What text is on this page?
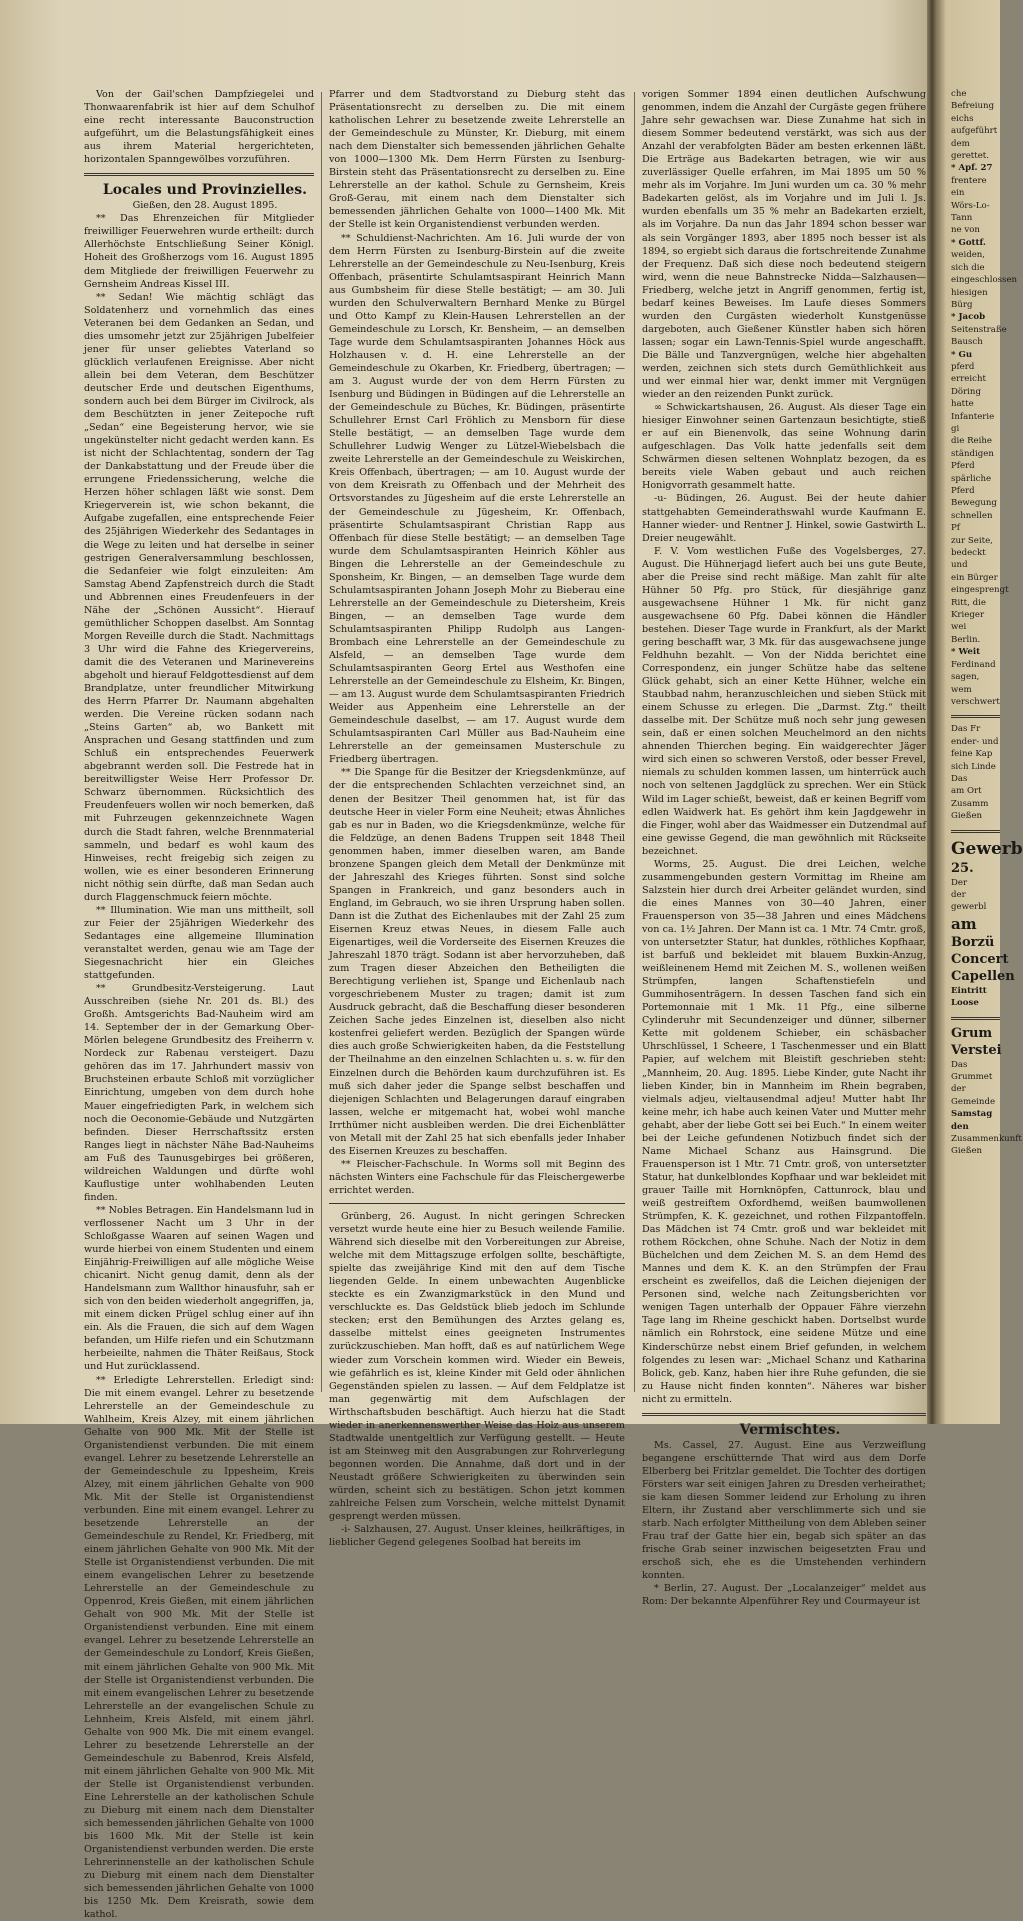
Von der Gail'schen Dampfziegelei und Thonwaarenfabrik ist hier auf dem Schulhof eine recht interessante Bauconstruction aufgeführt, um die Belastungsfähigkeit eines aus ihrem Material hergerichteten, horizontalen Spanngewölbes vorzuführen.

Locales und Provinzielles.

Gießen, den 28. August 1895.

** Das Ehrenzeichen für Mitglieder freiwilliger Feuerwehren wurde ertheilt: durch Allerhöchste Entschließung Seiner Königl. Hoheit des Großherzogs vom 16. August 1895 dem Mitgliede der freiwilligen Feuerwehr zu Gernsheim Andreas Kissel III.

** Sedan! Wie mächtig schlägt das Soldatenherz und vornehmlich das eines Veteranen bei dem Gedanken an Sedan, und dies umsomehr jetzt zur 25jährigen Jubelfeier jener für unser geliebtes Vaterland so glücklich verlaufenen Ereignisse. Aber nicht allein bei dem Veteran, dem Beschützer deutscher Erde und deutschen Eigenthums, sondern auch bei dem Bürger im Civilrock, als dem Beschützten in jener Zeitepoche ruft „Sedan“ eine Begeisterung hervor, wie sie ungekünstelter nicht gedacht werden kann. Es ist nicht der Schlachtentag, sondern der Tag der Dankabstattung und der Freude über die errungene Friedenssicherung, welche die Herzen höher schlagen läßt wie sonst. Dem Kriegerverein ist, wie schon bekannt, die Aufgabe zugefallen, eine entsprechende Feier des 25jährigen Wiederkehr des Sedantages in die Wege zu leiten und hat derselbe in seiner gestrigen Generalversammlung beschlossen, die Sedanfeier wie folgt einzuleiten: Am Samstag Abend Zapfenstreich durch die Stadt und Abbrennen eines Freudenfeuers in der Nähe der „Schönen Aussicht“. Hierauf gemüthlicher Schoppen daselbst. Am Sonntag Morgen Reveille durch die Stadt. Nachmittags 3 Uhr wird die Fahne des Kriegervereins, damit die des Veteranen und Marinevereins abgeholt und hierauf Feldgottesdienst auf dem Brandplatze, unter freundlicher Mitwirkung des Herrn Pfarrer Dr. Naumann abgehalten werden. Die Vereine rücken sodann nach „Steins Garten“ ab, wo Bankett mit Ansprachen und Gesang stattfinden und zum Schluß ein entsprechendes Feuerwerk abgebrannt werden soll. Die Festrede hat in bereitwilligster Weise Herr Professor Dr. Schwarz übernommen. Rücksichtlich des Freudenfeuers wollen wir noch bemerken, daß mit Fuhrzeugen gekennzeichnete Wagen durch die Stadt fahren, welche Brennmaterial sammeln, und bedarf es wohl kaum des Hinweises, recht freigebig sich zeigen zu wollen, wie es einer besonderen Erinnerung nicht nöthig sein dürfte, daß man Sedan auch durch Flaggenschmuck feiern möchte.

** Illumination. Wie man uns mittheilt, soll zur Feier der 25jährigen Wiederkehr des Sedantages eine allgemeine Illumination veranstaltet werden, genau wie am Tage der Siegesnachricht hier ein Gleiches stattgefunden.

** Grundbesitz-Versteigerung. Laut Ausschreiben (siehe Nr. 201 ds. Bl.) des Großh. Amtsgerichts Bad-Nauheim wird am 14. September der in der Gemarkung Ober-Mörlen belegene Grundbesitz des Freiherrn v. Nordeck zur Rabenau versteigert. Dazu gehören das im 17. Jahrhundert massiv von Bruchsteinen erbaute Schloß mit vorzüglicher Einrichtung, umgeben von dem durch hohe Mauer eingefriedigten Park, in welchem sich noch die Oeconomie-Gebäude und Nutzgärten befinden. Dieser Herrschaftssitz ersten Ranges liegt in nächster Nähe Bad-Nauheims am Fuß des Taunusgebirges bei größeren, wildreichen Waldungen und dürfte wohl Kauflustige unter wohlhabenden Leuten finden.

** Nobles Betragen. Ein Handelsmann lud in verflossener Nacht um 3 Uhr in der Schloßgasse Waaren auf seinen Wagen und wurde hierbei von einem Studenten und einem Einjährig-Freiwilligen auf alle mögliche Weise chicanirt. Nicht genug damit, denn als der Handelsmann zum Wallthor hinausfuhr, sah er sich von den beiden wiederholt angegriffen, ja, mit einem dicken Prügel schlug einer auf ihn ein. Als die Frauen, die sich auf dem Wagen befanden, um Hilfe riefen und ein Schutzmann herbeieilte, nahmen die Thäter Reißaus, Stock und Hut zurücklassend.

** Erledigte Lehrerstellen. Erledigt sind: Die mit einem evangel. Lehrer zu besetzende Lehrerstelle an der Gemeindeschule zu Wahlheim, Kreis Alzey, mit einem jährlichen Gehalte von 900 Mk. Mit der Stelle ist Organistendienst verbunden. Die mit einem evangel. Lehrer zu besetzende Lehrerstelle an der Gemeindeschule zu Ippesheim, Kreis Alzey, mit einem jährlichen Gehalte von 900 Mk. Mit der Stelle ist Organistendienst verbunden. Eine mit einem evangel. Lehrer zu besetzende Lehrerstelle an der Gemeindeschule zu Rendel, Kr. Friedberg, mit einem jährlichen Gehalte von 900 Mk. Mit der Stelle ist Organistendienst verbunden. Die mit einem evangelischen Lehrer zu besetzende Lehrerstelle an der Gemeindeschule zu Oppenrod, Kreis Gießen, mit einem jährlichen Gehalt von 900 Mk. Mit der Stelle ist Organistendienst verbunden. Eine mit einem evangel. Lehrer zu besetzende Lehrerstelle an der Gemeindeschule zu Londorf, Kreis Gießen, mit einem jährlichen Gehalte von 900 Mk. Mit der Stelle ist Organistendienst verbunden. Die mit einem evangelischen Lehrer zu besetzende Lehrerstelle an der evangelischen Schule zu Lehnheim, Kreis Alsfeld, mit einem jährl. Gehalte von 900 Mk. Die mit einem evangel. Lehrer zu besetzende Lehrerstelle an der Gemeindeschule zu Babenrod, Kreis Alsfeld, mit einem jährlichen Gehalte von 900 Mk. Mit der Stelle ist Organistendienst verbunden. Eine Lehrerstelle an der katholischen Schule zu Dieburg mit einem nach dem Dienstalter sich bemessenden jährlichen Gehalte von 1000 bis 1600 Mk. Mit der Stelle ist kein Organistendienst verbunden werden. Die erste Lehrerinnenstelle an der katholischen Schule zu Dieburg mit einem nach dem Dienstalter sich bemessenden jährlichen Gehalte von 1000 bis 1250 Mk. Dem Kreisrath, sowie dem kathol.

Pfarrer und dem Stadtvorstand zu Dieburg steht das Präsentationsrecht zu derselben zu. Die mit einem katholischen Lehrer zu besetzende zweite Lehrerstelle an der Gemeindeschule zu Münster, Kr. Dieburg, mit einem nach dem Dienstalter sich bemessenden jährlichen Gehalte von 1000—1300 Mk. Dem Herrn Fürsten zu Isenburg-Birstein steht das Präsentationsrecht zu derselben zu. Eine Lehrerstelle an der kathol. Schule zu Gernsheim, Kreis Groß-Gerau, mit einem nach dem Dienstalter sich bemessenden jährlichen Gehalte von 1000—1400 Mk. Mit der Stelle ist kein Organistendienst verbunden werden.

** Schuldienst-Nachrichten. Am 16. Juli wurde der von dem Herrn Fürsten zu Isenburg-Birstein auf die zweite Lehrerstelle an der Gemeindeschule zu Neu-Isenburg, Kreis Offenbach, präsentirte Schulamtsaspirant Heinrich Mann aus Gumbsheim für diese Stelle bestätigt; — am 30. Juli wurden den Schulverwaltern Bernhard Menke zu Bürgel und Otto Kampf zu Klein-Hausen Lehrerstellen an der Gemeindeschule zu Lorsch, Kr. Bensheim, — an demselben Tage wurde dem Schulamtsaspiranten Johannes Höck aus Holzhausen v. d. H. eine Lehrerstelle an der Gemeindeschule zu Okarben, Kr. Friedberg, übertragen; — am 3. August wurde der von dem Herrn Fürsten zu Isenburg und Büdingen in Büdingen auf die Lehrerstelle an der Gemeindeschule zu Büches, Kr. Büdingen, präsentirte Schullehrer Ernst Carl Fröhlich zu Mensborn für diese Stelle bestätigt, — an demselben Tage wurde dem Schullehrer Ludwig Wenger zu Lützel-Wiebelsbach die zweite Lehrerstelle an der Gemeindeschule zu Weiskirchen, Kreis Offenbach, übertragen; — am 10. August wurde der von dem Kreisrath zu Offenbach und der Mehrheit des Ortsvorstandes zu Jügesheim auf die erste Lehrerstelle an der Gemeindeschule zu Jügesheim, Kr. Offenbach, präsentirte Schulamtsaspirant Christian Rapp aus Offenbach für diese Stelle bestätigt; — an demselben Tage wurde dem Schulamtsaspiranten Heinrich Köhler aus Bingen die Lehrerstelle an der Gemeindeschule zu Sponsheim, Kr. Bingen, — an demselben Tage wurde dem Schulamtsaspiranten Johann Joseph Mohr zu Bieberau eine Lehrerstelle an der Gemeindeschule zu Dietersheim, Kreis Bingen, — an demselben Tage wurde dem Schulamtsaspiranten Philipp Rudolph aus Langen-Brombach eine Lehrerstelle an der Gemeindeschule zu Alsfeld, — an demselben Tage wurde dem Schulamtsaspiranten Georg Ertel aus Westhofen eine Lehrerstelle an der Gemeindeschule zu Elsheim, Kr. Bingen, — am 13. August wurde dem Schulamtsaspiranten Friedrich Weider aus Appenheim eine Lehrerstelle an der Gemeindeschule daselbst, — am 17. August wurde dem Schulamtsaspiranten Carl Müller aus Bad-Nauheim eine Lehrerstelle an der gemeinsamen Musterschule zu Friedberg übertragen.

** Die Spange für die Besitzer der Kriegsdenkmünze, auf der die entsprechenden Schlachten verzeichnet sind, an denen der Besitzer Theil genommen hat, ist für das deutsche Heer in vieler Form eine Neuheit; etwas Ähnliches gab es nur in Baden, wo die Kriegsdenkmünze, welche für die Feldzüge, an denen Badens Truppen seit 1848 Theil genommen haben, immer dieselben waren, am Bande bronzene Spangen gleich dem Metall der Denkmünze mit der Jahreszahl des Krieges führten. Sonst sind solche Spangen in Frankreich, und ganz besonders auch in England, im Gebrauch, wo sie ihren Ursprung haben sollen. Dann ist die Zuthat des Eichenlaubes mit der Zahl 25 zum Eisernen Kreuz etwas Neues, in diesem Falle auch Eigenartiges, weil die Vorderseite des Eisernen Kreuzes die Jahreszahl 1870 trägt. Sodann ist aber hervorzuheben, daß zum Tragen dieser Abzeichen den Betheiligten die Berechtigung verliehen ist, Spange und Eichenlaub nach vorgeschriebenem Muster zu tragen; damit ist zum Ausdruck gebracht, daß die Beschaffung dieser besonderen Zeichen Sache jedes Einzelnen ist, dieselben also nicht kostenfrei geliefert werden. Bezüglich der Spangen würde dies auch große Schwierigkeiten haben, da die Feststellung der Theilnahme an den einzelnen Schlachten u. s. w. für den Einzelnen durch die Behörden kaum durchzuführen ist. Es muß sich daher jeder die Spange selbst beschaffen und diejenigen Schlachten und Belagerungen darauf eingraben lassen, welche er mitgemacht hat, wobei wohl manche Irrthümer nicht ausbleiben werden. Die drei Eichenblätter von Metall mit der Zahl 25 hat sich ebenfalls jeder Inhaber des Eisernen Kreuzes zu beschaffen.

** Fleischer-Fachschule. In Worms soll mit Beginn des nächsten Winters eine Fachschule für das Fleischergewerbe errichtet werden.

Grünberg, 26. August. In nicht geringen Schrecken versetzt wurde heute eine hier zu Besuch weilende Familie. Während sich dieselbe mit den Vorbereitungen zur Abreise, welche mit dem Mittagszuge erfolgen sollte, beschäftigte, spielte das zweijährige Kind mit den auf dem Tische liegenden Gelde. In einem unbewachten Augenblicke steckte es ein Zwanzigmarkstück in den Mund und verschluckte es. Das Geldstück blieb jedoch im Schlunde stecken; erst den Bemühungen des Arztes gelang es, dasselbe mittelst eines geeigneten Instrumentes zurückzuschieben. Man hofft, daß es auf natürlichem Wege wieder zum Vorschein kommen wird. Wieder ein Beweis, wie gefährlich es ist, kleine Kinder mit Geld oder ähnlichen Gegenständen spielen zu lassen. — Auf dem Feldplatze ist man gegenwärtig mit dem Aufschlagen der Wirthschaftsbuden beschäftigt. Auch hierzu hat die Stadt wieder in anerkennenswerther Weise das Holz aus unserem Stadtwalde unentgeltlich zur Verfügung gestellt. — Heute ist am Steinweg mit den Ausgrabungen zur Rohrverlegung begonnen worden. Die Annahme, daß dort und in der Neustadt größere Schwierigkeiten zu überwinden sein würden, scheint sich zu bestätigen. Schon jetzt kommen zahlreiche Felsen zum Vorschein, welche mittelst Dynamit gesprengt werden müssen.

-i- Salzhausen, 27. August. Unser kleines, heilkräftiges, in lieblicher Gegend gelegenes Soolbad hat bereits im

vorigen Sommer 1894 einen deutlichen Aufschwung genommen, indem die Anzahl der Curgäste gegen frühere Jahre sehr gewachsen war. Diese Zunahme hat sich in diesem Sommer bedeutend verstärkt, was sich aus der Anzahl der verabfolgten Bäder am besten erkennen läßt. Die Erträge aus Badekarten betragen, wie wir aus zuverlässiger Quelle erfahren, im Mai 1895 um 50 % mehr als im Vorjahre. Im Juni wurden um ca. 30 % mehr Badekarten gelöst, als im Vorjahre und im Juli l. Js. wurden ebenfalls um 35 % mehr an Badekarten erzielt, als im Vorjahre. Da nun das Jahr 1894 schon besser war als sein Vorgänger 1893, aber 1895 noch besser ist als 1894, so ergiebt sich daraus die fortschreitende Zunahme der Frequenz. Daß sich diese noch bedeutend steigern wird, wenn die neue Bahnstrecke Nidda—Salzhausen—Friedberg, welche jetzt in Angriff genommen, fertig ist, bedarf keines Beweises. Im Laufe dieses Sommers wurden den Curgästen wiederholt Kunstgenüsse dargeboten, auch Gießener Künstler haben sich hören lassen; sogar ein Lawn-Tennis-Spiel wurde angeschafft. Die Bälle und Tanzvergnügen, welche hier abgehalten werden, zeichnen sich stets durch Gemüthlichkeit aus und wer einmal hier war, denkt immer mit Vergnügen wieder an den reizenden Punkt zurück.

∞ Schwickartshausen, 26. August. Als dieser Tage ein hiesiger Einwohner seinen Gartenzaun besichtigte, stieß er auf ein Bienenvolk, das seine Wohnung darin aufgeschlagen. Das Volk hatte jedenfalls seit dem Schwärmen diesen seltenen Wohnplatz bezogen, da es bereits viele Waben gebaut und auch reichen Honigvorrath gesammelt hatte.

-u- Büdingen, 26. August. Bei der heute dahier stattgehabten Gemeinderathswahl wurde Kaufmann E. Hanner wieder- und Rentner J. Hinkel, sowie Gastwirth L. Dreier neugewählt.

F. V. Vom westlichen Fuße des Vogelsberges, 27. August. Die Hühnerjagd liefert auch bei uns gute Beute, aber die Preise sind recht mäßige. Man zahlt für alte Hühner 50 Pfg. pro Stück, für diesjährige ganz ausgewachsene Hühner 1 Mk. für nicht ganz ausgewachsene 60 Pfg. Dabei können die Händler bestehen. Dieser Tage wurde in Frankfurt, als der Markt gering beschafft war, 3 Mk. für das ausgewachsene junge Feldhuhn bezahlt. — Von der Nidda berichtet eine Correspondenz, ein junger Schütze habe das seltene Glück gehabt, sich an einer Kette Hühner, welche ein Staubbad nahm, heranzuschleichen und sieben Stück mit einem Schusse zu erlegen. Die „Darmst. Ztg.“ theilt dasselbe mit. Der Schütze muß noch sehr jung gewesen sein, daß er einen solchen Meuchelmord an den nichts ahnenden Thierchen beging. Ein waidgerechter Jäger wird sich einen so schweren Verstoß, oder besser Frevel, niemals zu schulden kommen lassen, um hinterrück auch noch von seltenen Jagdglück zu sprechen. Wer ein Stück Wild im Lager schießt, beweist, daß er keinen Begriff vom edlen Waidwerk hat. Es gehört ihm kein Jagdgewehr in die Finger, wohl aber das Waidmesser ein Dutzendmal auf eine gewisse Gegend, die man gewöhnlich mit Rückseite bezeichnet.

Worms, 25. August. Die drei Leichen, welche zusammengebunden gestern Vormittag im Rheine am Salzstein hier durch drei Arbeiter geländet wurden, sind die eines Mannes von 30—40 Jahren, einer Frauensperson von 35—38 Jahren und eines Mädchens von ca. 1½ Jahren. Der Mann ist ca. 1 Mtr. 74 Cmtr. groß, von untersetzter Statur, hat dunkles, röthliches Kopfhaar, ist barfuß und bekleidet mit blauem Buxkin-Anzug, weißleinenem Hemd mit Zeichen M. S., wollenen weißen Strümpfen, langen Schaftenstiefeln und Gummihosenträgern. In dessen Taschen fand sich ein Portemonnaie mit 1 Mk. 11 Pfg., eine silberne Cylinderuhr mit Secundenzeiger und dünner, silberner Kette mit goldenem Schieber, ein schäsbacher Uhrschlüssel, 1 Scheere, 1 Taschenmesser und ein Blatt Papier, auf welchem mit Bleistift geschrieben steht: „Mannheim, 20. Aug. 1895. Liebe Kinder, gute Nacht ihr lieben Kinder, bin in Mannheim im Rhein begraben, vielmals adjeu, vieltausendmal adjeu! Mutter habt Ihr keine mehr, ich habe auch keinen Vater und Mutter mehr gehabt, aber der liebe Gott sei bei Euch.“ In einem weiter bei der Leiche gefundenen Notizbuch findet sich der Name Michael Schanz aus Hainsgrund. Die Frauensperson ist 1 Mtr. 71 Cmtr. groß, von untersetzter Statur, hat dunkelblondes Kopfhaar und war bekleidet mit grauer Taille mit Hornknöpfen, Cattunrock, blau und weiß gestreiftem Oxfordhemd, weißen baumwollenen Strümpfen, K. K. gezeichnet, und rothen Filzpantoffeln. Das Mädchen ist 74 Cmtr. groß und war bekleidet mit rothem Röckchen, ohne Schuhe. Nach der Notiz in dem Büchelchen und dem Zeichen M. S. an dem Hemd des Mannes und dem K. K. an den Strümpfen der Frau erscheint es zweifellos, daß die Leichen diejenigen der Personen sind, welche nach Zeitungsberichten vor wenigen Tagen unterhalb der Oppauer Fähre vierzehn Tage lang im Rheine geschickt haben. Dortselbst wurde nämlich ein Rohrstock, eine seidene Mütze und eine Kinderschürze nebst einem Brief gefunden, in welchem folgendes zu lesen war: „Michael Schanz und Katharina Bolick, geb. Kanz, haben hier ihre Ruhe gefunden, die sie zu Hause nicht finden konnten“. Näheres war bisher nicht zu ermitteln.

Vermischtes.

Ms. Cassel, 27. August. Eine aus Verzweiflung begangene erschütternde That wird aus dem Dorfe Elberberg bei Fritzlar gemeldet. Die Tochter des dortigen Försters war seit einigen Jahren zu Dresden verheirathet; sie kam diesen Sommer leidend zur Erholung zu ihren Eltern, ihr Zustand aber verschlimmerte sich und sie starb. Nach erfolgter Mittheilung von dem Ableben seiner Frau traf der Gatte hier ein, begab sich später an das frische Grab seiner inzwischen beigesetzten Frau und erschoß sich, ehe es die Umstehenden verhindern konnten.

* Berlin, 27. August. Der „Localanzeiger“ meldet aus Rom: Der bekannte Alpenführer Rey und Courmayeur ist

che Befreiung

eichs aufgeführt

dem gerettet.

* Apf. 27

frentere ein

Wörs-Lo-Tann

ne von

* Gottf.

weiden, sich die

eingeschlossen

hiesigen Bürg

* Jacob

Seitenstraße

Bausch

* Gu

pferd erreicht

Döring hatte

Infanterie gi

die Reihe

ständigen Pferd

spärliche Pferd

Bewegung

schnellen Pf

zur Seite,

bedeckt und

ein Bürger

eingesprengt

Ritt, die

Krieger wei

Berlin.

* Weit

Ferdinand

sagen, wem

verschwert

Das Fr

ender- und

feine Kap

sich Linde

Das

am Ort

Zusamm

Gießen

Gewerb

25.

Der

der gewerbl

am

Borzü

Concert

Capellen

Eintritt

Loose

Grum

Verstei

Das Grummet

der Gemeinde

Samstag den

Zusammenkunft

Gießen
